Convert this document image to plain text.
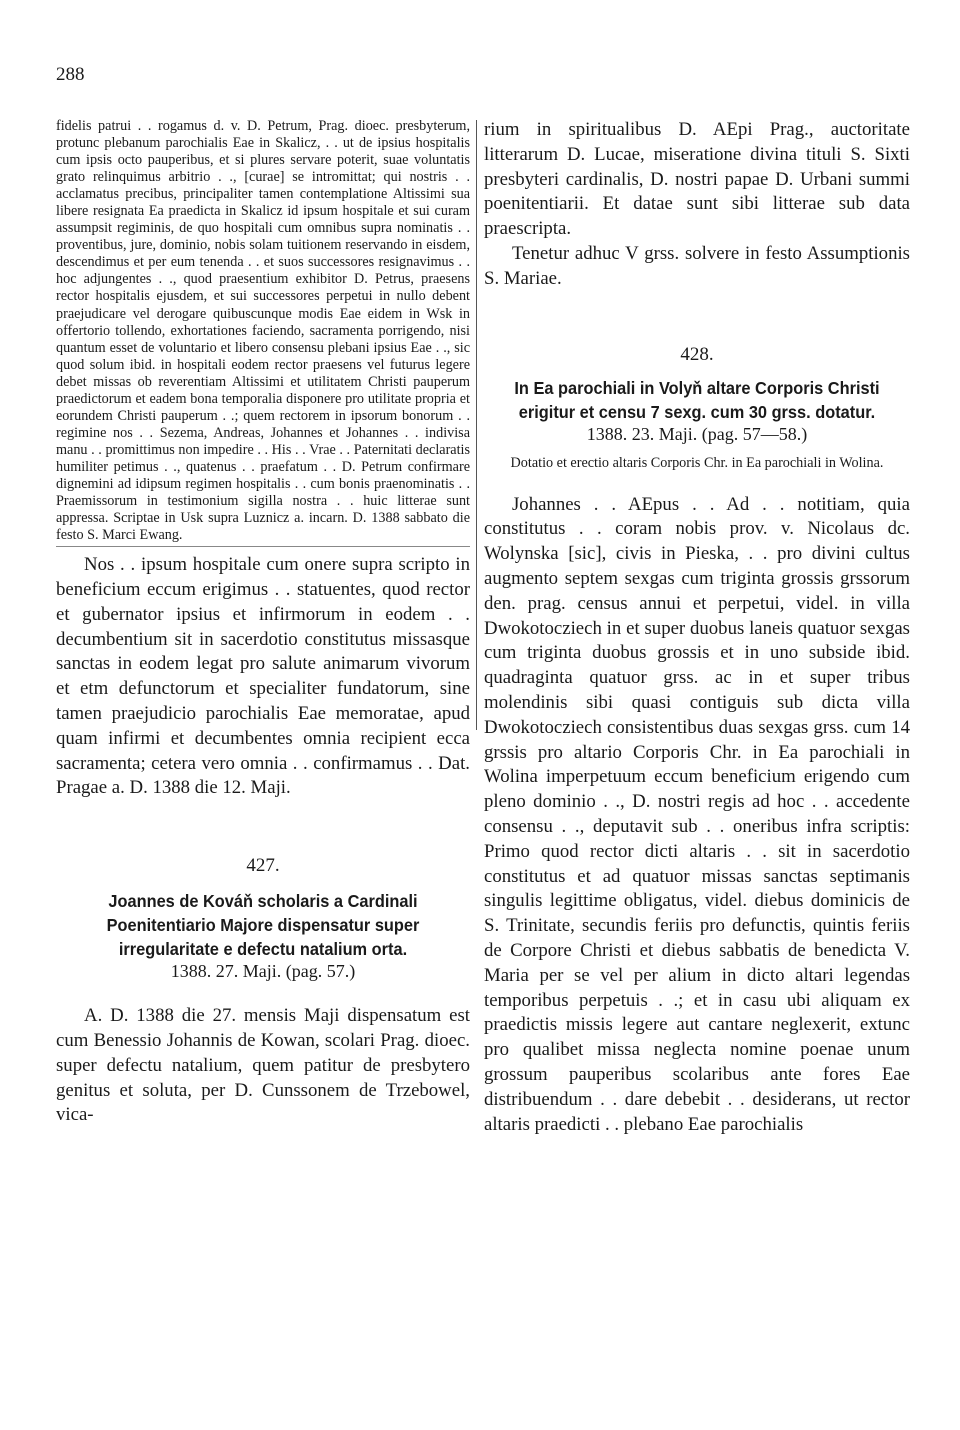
288

fidelis patrui . . rogamus d. v. D. Petrum, Prag. dioec. presbyterum, protunc plebanum parochialis Eae in Skalicz, . . ut de ipsius hospitalis cum ipsis octo pauperibus, et si plures servare poterit, suae voluntatis grato relinquimus arbitrio . ., [curae] se intromittat; qui nostris . . acclamatus precibus, principaliter tamen contemplatione Altissimi sua libere resignata Ea praedicta in Skalicz id ipsum hospitale et sui curam assumpsit regiminis, de quo hospitali cum omnibus supra nominatis . . proventibus, jure, dominio, nobis solam tuitionem reservando in eisdem, descendimus et per eum tenenda . . et suos successores resignavimus . . hoc adjungentes . ., quod praesentium exhibitor D. Petrus, praesens rector hospitalis ejusdem, et sui successores perpetui in nullo debent praejudicare vel derogare quibuscunque modis Eae eidem in Wsk in offertorio tollendo, exhortationes faciendo, sacramenta porrigendo, nisi quantum esset de voluntario et libero consensu plebani ipsius Eae . ., sic quod solum ibid. in hospitali eodem rector praesens vel futurus legere debet missas ob reverentiam Altissimi et utilitatem Christi pauperum praedictorum et eadem bona temporalia disponere pro utilitate propria et eorundem Christi pauperum . .; quem rectorem in ipsorum bonorum . . regimine nos . . Sezema, Andreas, Johannes et Johannes . . indivisa manu . . promittimus non impedire . . His . . Vrae . . Paternitati declaratis humiliter petimus . ., quatenus . . praefatum . . D. Petrum confirmare dignemini ad idipsum regimen hospitalis . . cum bonis praenominatis . . Praemissorum in testimonium sigilla nostra . . huic litterae sunt appressa. Scriptae in Usk supra Luznicz a. incarn. D. 1388 sabbato die festo S. Marci Ewang.

Nos . . ipsum hospitale cum onere supra scripto in beneficium eccum erigimus . . statuentes, quod rector et gubernator ipsius et infirmorum in eodem . . decumbentium sit in sacerdotio constitutus missasque sanctas in eodem legat pro salute animarum vivorum et etm defunctorum et specialiter fundatorum, sine tamen praejudicio parochialis Eae memoratae, apud quam infirmi et decumbentes omnia recipient ecca sacramenta; cetera vero omnia . . confirmamus . . Dat. Pragae a. D. 1388 die 12. Maji.

427.

Joannes de Kováň scholaris a Cardinali Poenitentiario Majore dispensatur super irregularitate e defectu natalium orta.

1388. 27. Maji. (pag. 57.)

A. D. 1388 die 27. mensis Maji dispensatum est cum Benessio Johannis de Kowan, scolari Prag. dioec. super defectu natalium, quem patitur de presbytero genitus et soluta, per D. Cunssonem de Trzebowel, vica-

rium in spiritualibus D. AEpi Prag., auctoritate litterarum D. Lucae, miseratione divina tituli S. Sixti presbyteri cardinalis, D. nostri papae D. Urbani summi poenitentiarii. Et datae sunt sibi litterae sub data praescripta.

Tenetur adhuc V grss. solvere in festo Assumptionis S. Mariae.

428.

In Ea parochiali in Volyň altare Corporis Christi erigitur et censu 7 sexg. cum 30 grss. dotatur.

1388. 23. Maji. (pag. 57—58.)

Dotatio et erectio altaris Corporis Chr. in Ea parochiali in Wolina.

Johannes . . AEpus . . Ad . . notitiam, quia constitutus . . coram nobis prov. v. Nicolaus dc. Wolynska [sic], civis in Pieska, . . pro divini cultus augmento septem sexgas cum triginta grossis grssorum den. prag. census annui et perpetui, videl. in villa Dwokotocziech in et super duobus laneis quatuor sexgas cum triginta duobus grossis et in uno subside ibid. quadraginta quatuor grss. ac in et super tribus molendinis sibi quasi contiguis sub dicta villa Dwokotocziech consistentibus duas sexgas grss. cum 14 grssis pro altario Corporis Chr. in Ea parochiali in Wolina imperpetuum eccum beneficium erigendo cum pleno dominio . ., D. nostri regis ad hoc . . accedente consensu . ., deputavit sub . . oneribus infra scriptis: Primo quod rector dicti altaris . . sit in sacerdotio constitutus et ad quatuor missas sanctas septimanis singulis legittime obligatus, videl. diebus dominicis de S. Trinitate, secundis feriis pro defunctis, quintis feriis de Corpore Christi et diebus sabbatis de benedicta V. Maria per se vel per alium in dicto altari legendas temporibus perpetuis . .; et in casu ubi aliquam ex praedictis missis legere aut cantare neglexerit, extunc pro qualibet missa neglecta nomine poenae unum grossum pauperibus scolaribus ante fores Eae distribuendum . . dare debebit . . desiderans, ut rector altaris praedicti . . plebano Eae parochialis
